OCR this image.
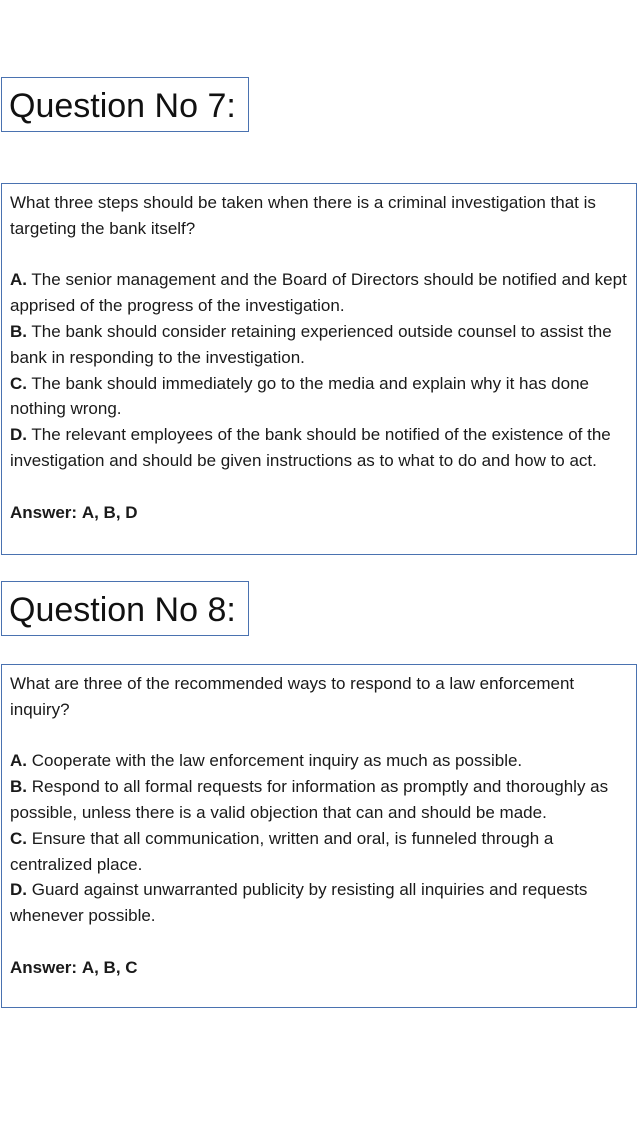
Question No 7:

What three steps should be taken when there is a criminal investigation that is targeting the bank itself?

A. The senior management and the Board of Directors should be notified and kept apprised of the progress of the investigation.

B. The bank should consider retaining experienced outside counsel to assist the bank in responding to the investigation.

C. The bank should immediately go to the media and explain why it has done nothing wrong.

D. The relevant employees of the bank should be notified of the existence of the investigation and should be given instructions as to what to do and how to act.

Answer: A, B, D

Question No 8:

What are three of the recommended ways to respond to a law enforcement inquiry?

A. Cooperate with the law enforcement inquiry as much as possible.

B. Respond to all formal requests for information as promptly and thoroughly as possible, unless there is a valid objection that can and should be made.

C. Ensure that all communication, written and oral, is funneled through a centralized place.

D. Guard against unwarranted publicity by resisting all inquiries and requests whenever possible.

Answer: A, B, C
